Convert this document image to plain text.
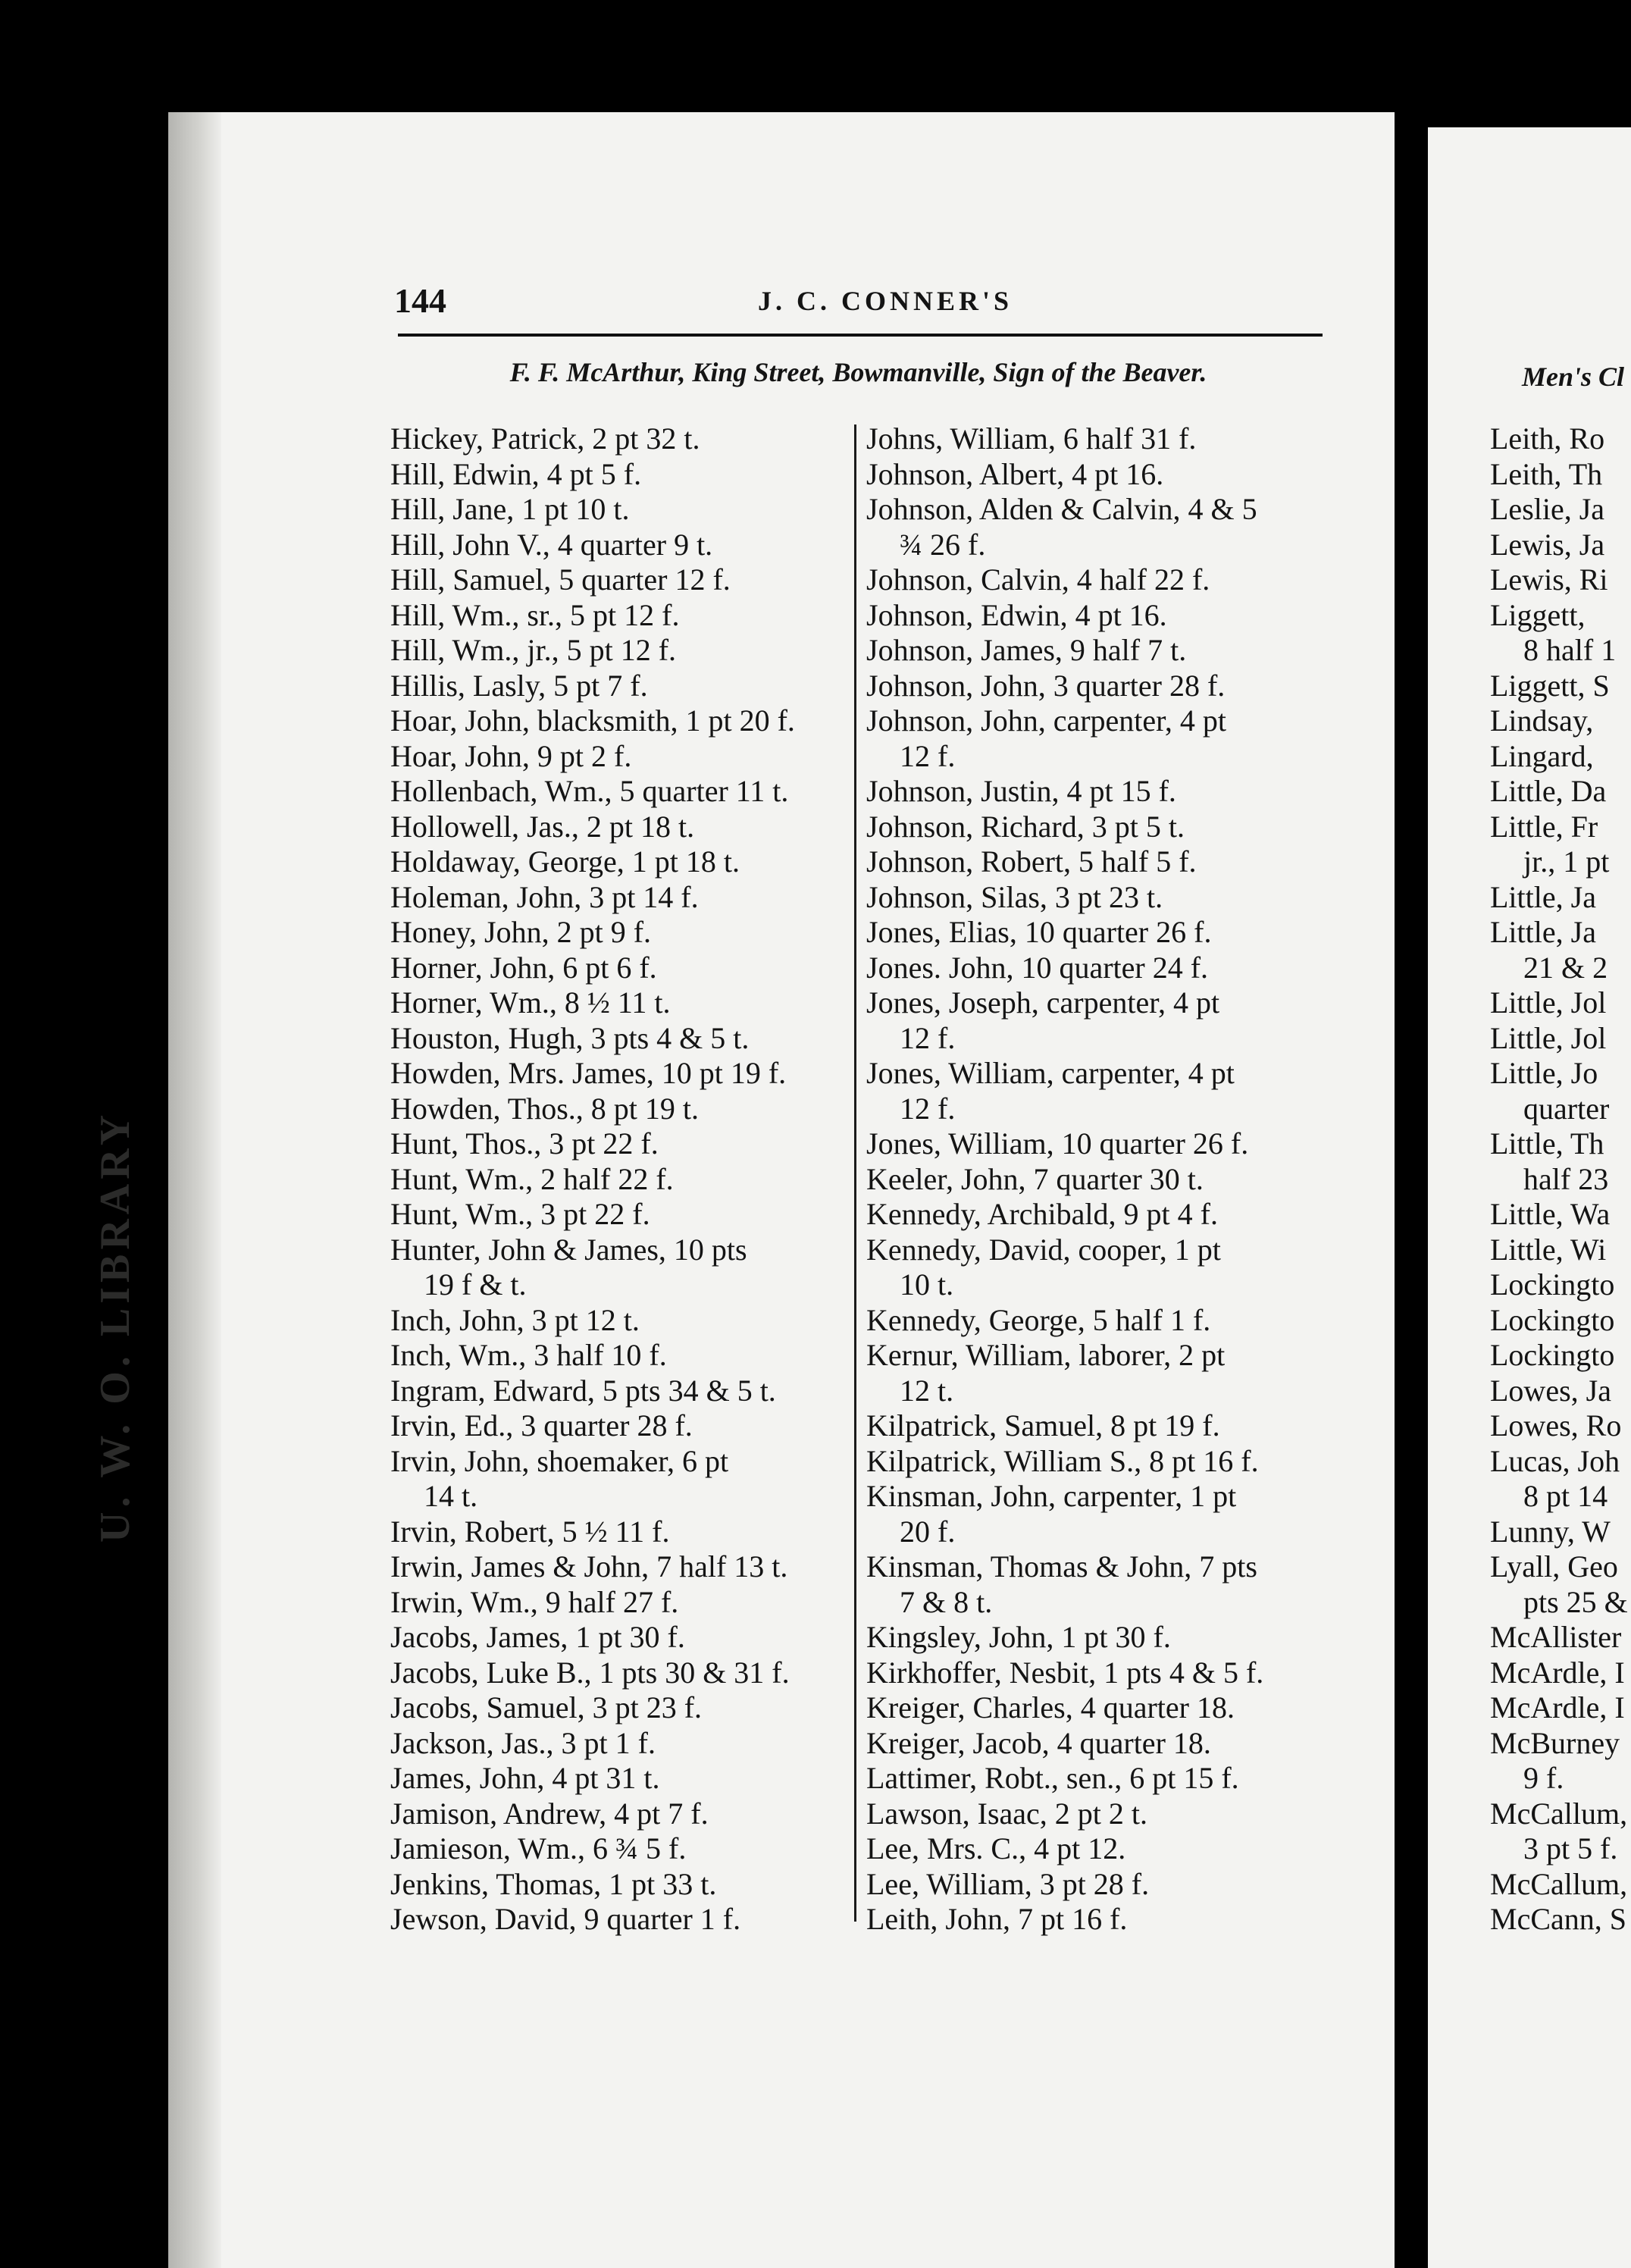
U. W. O. LIBRARY
144	J. C. CONNER'S
F. F. McArthur, King Street, Bowmanville, Sign of the Beaver.
Hickey, Patrick, 2 pt 32 t.
Hill, Edwin, 4 pt 5 f.
Hill, Jane, 1 pt 10 t.
Hill, John V., 4 quarter 9 t.
Hill, Samuel, 5 quarter 12 f.
Hill, Wm., sr., 5 pt 12 f.
Hill, Wm., jr., 5 pt 12 f.
Hillis, Lasly, 5 pt 7 f.
Hoar, John, blacksmith, 1 pt 20 f.
Hoar, John, 9 pt 2 f.
Hollenbach, Wm., 5 quarter 11 t.
Hollowell, Jas., 2 pt 18 t.
Holdaway, George, 1 pt 18 t.
Holeman, John, 3 pt 14 f.
Honey, John, 2 pt 9 f.
Horner, John, 6 pt 6 f.
Horner, Wm., 8 ½ 11 t.
Houston, Hugh, 3 pts 4 & 5 t.
Howden, Mrs. James, 10 pt 19 f.
Howden, Thos., 8 pt 19 t.
Hunt, Thos., 3 pt 22 f.
Hunt, Wm., 2 half 22 f.
Hunt, Wm., 3 pt 22 f.
Hunter, John & James, 10 pts
19 f & t.
Inch, John, 3 pt 12 t.
Inch, Wm., 3 half 10 f.
Ingram, Edward, 5 pts 34 & 5 t.
Irvin, Ed., 3 quarter 28 f.
Irvin, John, shoemaker, 6 pt
14 t.
Irvin, Robert, 5 ½ 11 f.
Irwin, James & John, 7 half 13 t.
Irwin, Wm., 9 half 27 f.
Jacobs, James, 1 pt 30 f.
Jacobs, Luke B., 1 pts 30 & 31 f.
Jacobs, Samuel, 3 pt 23 f.
Jackson, Jas., 3 pt 1 f.
James, John, 4 pt 31 t.
Jamison, Andrew, 4 pt 7 f.
Jamieson, Wm., 6 ¾ 5 f.
Jenkins, Thomas, 1 pt 33 t.
Jewson, David, 9 quarter 1 f.
Johns, William, 6 half 31 f.
Johnson, Albert, 4 pt 16.
Johnson, Alden & Calvin, 4 & 5
¾ 26 f.
Johnson, Calvin, 4 half 22 f.
Johnson, Edwin, 4 pt 16.
Johnson, James, 9 half 7 t.
Johnson, John, 3 quarter 28 f.
Johnson, John, carpenter, 4 pt
12 f.
Johnson, Justin, 4 pt 15 f.
Johnson, Richard, 3 pt 5 t.
Johnson, Robert, 5 half 5 f.
Johnson, Silas, 3 pt 23 t.
Jones, Elias, 10 quarter 26 f.
Jones. John, 10 quarter 24 f.
Jones, Joseph, carpenter, 4 pt
12 f.
Jones, William, carpenter, 4 pt
12 f.
Jones, William, 10 quarter 26 f.
Keeler, John, 7 quarter 30 t.
Kennedy, Archibald, 9 pt 4 f.
Kennedy, David, cooper, 1 pt
10 t.
Kennedy, George, 5 half 1 f.
Kernur, William, laborer, 2 pt
12 t.
Kilpatrick, Samuel, 8 pt 19 f.
Kilpatrick, William S., 8 pt 16 f.
Kinsman, John, carpenter, 1 pt
20 f.
Kinsman, Thomas & John, 7 pts
7 & 8 t.
Kingsley, John, 1 pt 30 f.
Kirkhoffer, Nesbit, 1 pts 4 & 5 f.
Kreiger, Charles, 4 quarter 18.
Kreiger, Jacob, 4 quarter 18.
Lattimer, Robt., sen., 6 pt 15 f.
Lawson, Isaac, 2 pt 2 t.
Lee, Mrs. C., 4 pt 12.
Lee, William, 3 pt 28 f.
Leith, John, 7 pt 16 f.
Men's Cl
Leith, Ro
Leith, Th
Leslie, Ja
Lewis, Ja
Lewis, Ri
Liggett,
8 half 1
Liggett, S
Lindsay,
Lingard,
Little, Da
Little, Fr
jr., 1 pt
Little, Ja
Little, Ja
21 & 2
Little, Jol
Little, Jol
Little, Jo
quarter
Little, Th
half 23
Little, Wa
Little, Wi
Lockingto
Lockingto
Lockingto
Lowes, Ja
Lowes, Ro
Lucas, Joh
8 pt 14
Lunny, W
Lyall, Geo
pts 25 &
McAllister
McArdle, I
McArdle, I
McBurney
9 f.
McCallum,
3 pt 5 f.
McCallum,
McCann, S
